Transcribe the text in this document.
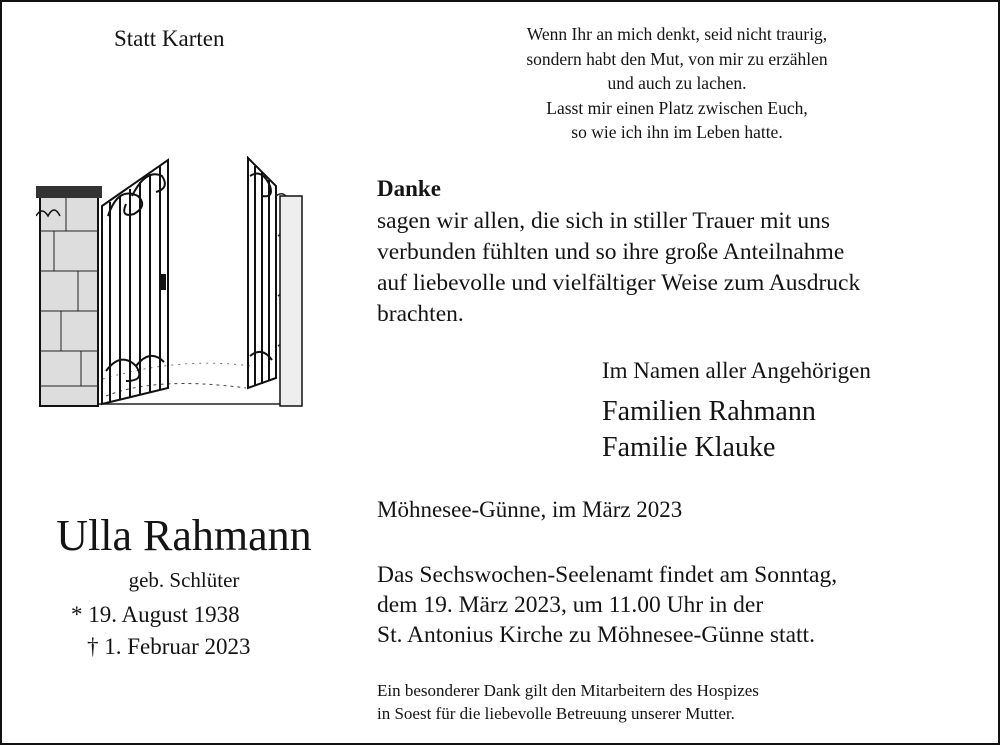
Statt Karten	Wenn Ihr an mich denkt, seid nicht traurig,
sondern habt den Mut, von mir zu erzählen
und auch zu lachen.
Lasst mir einen Platz zwischen Euch,
so wie ich ihn im Leben hatte.
Danke
sagen wir allen, die sich in stiller Trauer mit uns
verbunden fühlten und so ihre große Anteilnahme
auf liebevolle und vielfältiger Weise zum Ausdruck
brachten.
Im Namen aller Angehörigen
Familien Rahmann
Familie Klauke
Möhnesee-Günne, im März 2023
Das Sechswochen-Seelenamt findet am Sonntag,
dem 19. März 2023, um 11.00 Uhr in der
St. Antonius Kirche zu Möhnesee-Günne statt.
Ein besonderer Dank gilt den Mitarbeitern des Hospizes
in Soest für die liebevolle Betreuung unserer Mutter.
Ulla Rahmann
geb. Schlüter
* 19. August 1938
† 1. Februar 2023
